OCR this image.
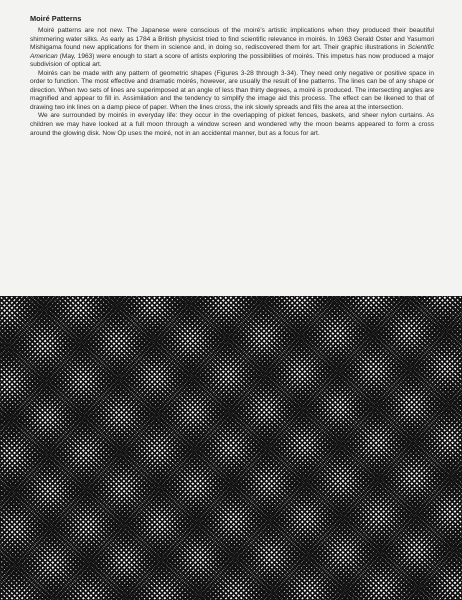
Moiré Patterns

Moiré patterns are not new. The Japanese were conscious of the moiré's artistic implications when they produced their beautiful shimmering water silks. As early as 1784 a British physicist tried to find scientific relevance in moirés. In 1963 Gerald Oster and Yasumori Mishigama found new applications for them in science and, in doing so, rediscovered them for art. Their graphic illustrations in Scientific American (May, 1963) were enough to start a score of artists exploring the possibilities of moirés. This impetus has now produced a major subdivision of optical art.

Moirés can be made with any pattern of geometric shapes (Figures 3-28 through 3-34). They need only negative or positive space in order to function. The most effective and dramatic moirés, however, are usually the result of line patterns. The lines can be of any shape or direction. When two sets of lines are superimposed at an angle of less than thirty degrees, a moiré is produced. The intersecting angles are magnified and appear to fill in. Assimilation and the tendency to simplify the image aid this process. The effect can be likened to that of drawing two ink lines on a damp piece of paper. When the lines cross, the ink slowly spreads and fills the area at the intersection.

We are surrounded by moirés in everyday life: they occur in the overlapping of picket fences, baskets, and sheer nylon curtains. As children we may have looked at a full moon through a window screen and wondered why the moon beams appeared to form a cross around the glowing disk. Now Op uses the moiré, not in an accidental manner, but as a focus for art.
